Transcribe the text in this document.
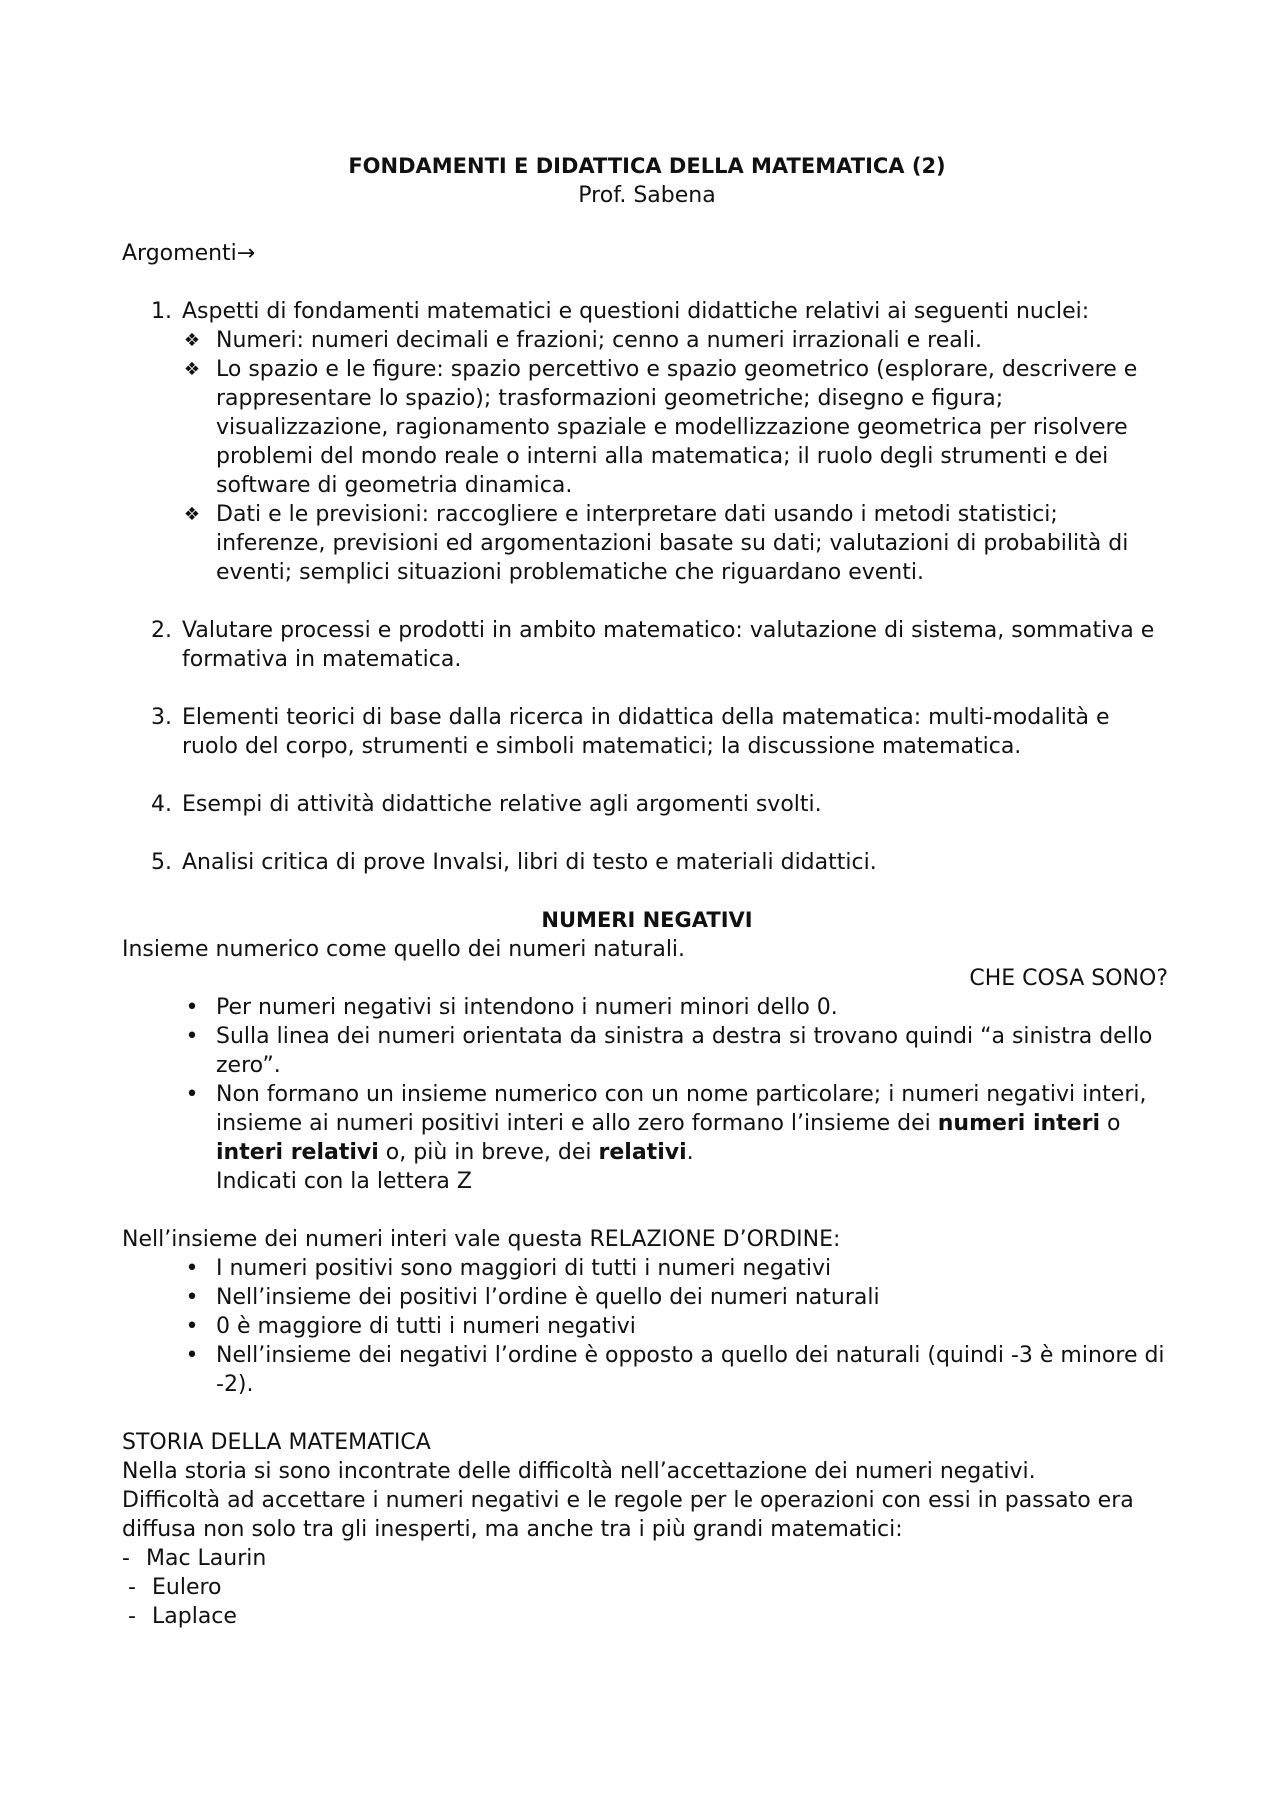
FONDAMENTI E DIDATTICA DELLA MATEMATICA (2)

Prof. Sabena

Argomenti→

1. Aspetti di fondamenti matematici e questioni didattiche relativi ai seguenti nuclei:
❖ Numeri: numeri decimali e frazioni; cenno a numeri irrazionali e reali.
❖ Lo spazio e le figure: spazio percettivo e spazio geometrico (esplorare, descrivere e rappresentare lo spazio); trasformazioni geometriche; disegno e figura; visualizzazione, ragionamento spaziale e modellizzazione geometrica per risolvere problemi del mondo reale o interni alla matematica; il ruolo degli strumenti e dei software di geometria dinamica.
❖ Dati e le previsioni: raccogliere e interpretare dati usando i metodi statistici; inferenze, previsioni ed argomentazioni basate su dati; valutazioni di probabilità di eventi; semplici situazioni problematiche che riguardano eventi.
2. Valutare processi e prodotti in ambito matematico: valutazione di sistema, sommativa e formativa in matematica.
3. Elementi teorici di base dalla ricerca in didattica della matematica: multi-modalità e ruolo del corpo, strumenti e simboli matematici; la discussione matematica.
4. Esempi di attività didattiche relative agli argomenti svolti.
5. Analisi critica di prove Invalsi, libri di testo e materiali didattici.

NUMERI NEGATIVI

Insieme numerico come quello dei numeri naturali.

CHE COSA SONO?

• Per numeri negativi si intendono i numeri minori dello 0.
• Sulla linea dei numeri orientata da sinistra a destra si trovano quindi “a sinistra dello zero”.
• Non formano un insieme numerico con un nome particolare; i numeri negativi interi, insieme ai numeri positivi interi e allo zero formano l’insieme dei numeri interi o interi relativi o, più in breve, dei relativi.
Indicati con la lettera Z

Nell’insieme dei numeri interi vale questa RELAZIONE D’ORDINE:

• I numeri positivi sono maggiori di tutti i numeri negativi
• Nell’insieme dei positivi l’ordine è quello dei numeri naturali
• 0 è maggiore di tutti i numeri negativi
• Nell’insieme dei negativi l’ordine è opposto a quello dei naturali (quindi -3 è minore di -2).

STORIA DELLA MATEMATICA

Nella storia si sono incontrate delle difficoltà nell’accettazione dei numeri negativi.

Difficoltà ad accettare i numeri negativi e le regole per le operazioni con essi in passato era diffusa non solo tra gli inesperti, ma anche tra i più grandi matematici:

- Mac Laurin
- Eulero
- Laplace
